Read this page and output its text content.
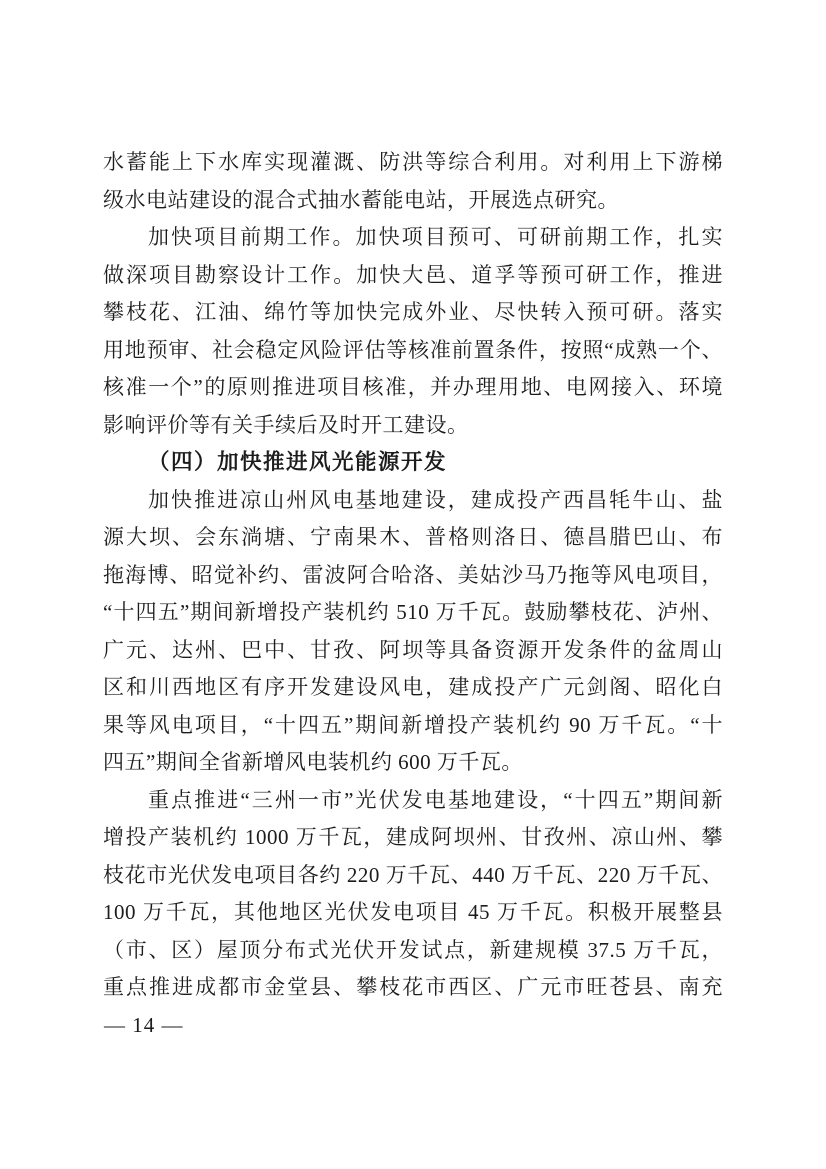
水蓄能上下水库实现灌溉、防洪等综合利用。对利用上下游梯
级水电站建设的混合式抽水蓄能电站，开展选点研究。
加快项目前期工作。加快项目预可、可研前期工作，扎实
做深项目勘察设计工作。加快大邑、道孚等预可研工作，推进
攀枝花、江油、绵竹等加快完成外业、尽快转入预可研。落实
用地预审、社会稳定风险评估等核准前置条件，按照“成熟一个、
核准一个”的原则推进项目核准，并办理用地、电网接入、环境
影响评价等有关手续后及时开工建设。
（四）加快推进风光能源开发
加快推进凉山州风电基地建设，建成投产西昌牦牛山、盐
源大坝、会东淌塘、宁南果木、普格则洛日、德昌腊巴山、布
拖海博、昭觉补约、雷波阿合哈洛、美姑沙马乃拖等风电项目，
“十四五”期间新增投产装机约 510 万千瓦。鼓励攀枝花、泸州、
广元、达州、巴中、甘孜、阿坝等具备资源开发条件的盆周山
区和川西地区有序开发建设风电，建成投产广元剑阁、昭化白
果等风电项目，“十四五”期间新增投产装机约 90 万千瓦。“十
四五”期间全省新增风电装机约 600 万千瓦。
重点推进“三州一市”光伏发电基地建设，“十四五”期间新
增投产装机约 1000 万千瓦，建成阿坝州、甘孜州、凉山州、攀
枝花市光伏发电项目各约 220 万千瓦、440 万千瓦、220 万千瓦、
100 万千瓦，其他地区光伏发电项目 45 万千瓦。积极开展整县
（市、区）屋顶分布式光伏开发试点，新建规模 37.5 万千瓦，
重点推进成都市金堂县、攀枝花市西区、广元市旺苍县、南充
— 14 —
